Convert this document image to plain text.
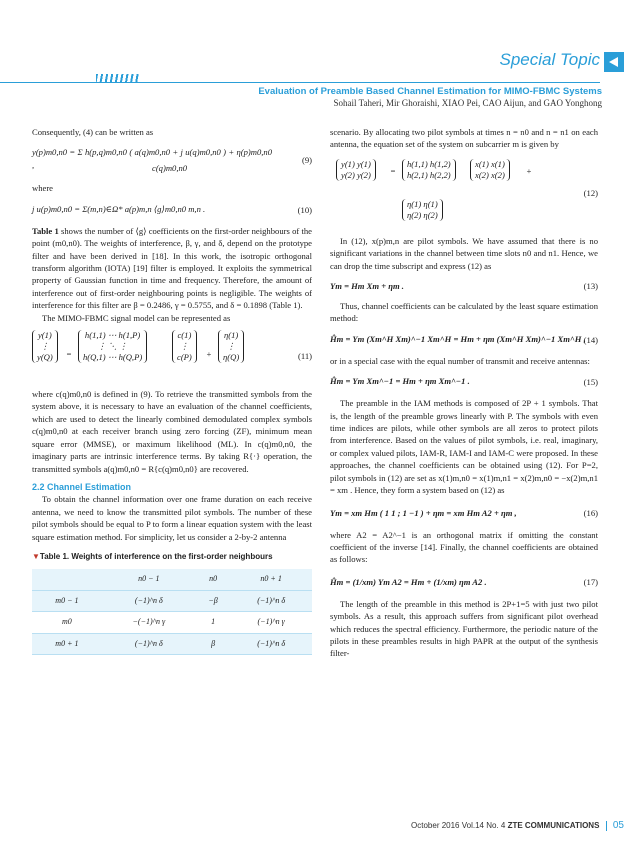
Special Topic
Evaluation of Preamble Based Channel Estimation for MIMO-FBMC Systems
Sohail Taheri, Mir Ghoraishi, XIAO Pei, CAO Aijun, and GAO Yonghong

Consequently, (4) can be written as

y(p)m0,n0 = Σ h(p,q)m0,n0 ( a(q)m0,n0 + j u(q)m0,n0 ) + η(p)m0,n0 ,	c(q)m0,n0
(9)

where

j u(p)m0,n0 = Σ(m,n)∈Ω* a(p)m,n ⟨g⟩m0,n0 m,n .	(10)

Table 1 shows the number of ⟨g⟩ coefficients on the first-order neighbours of the point (m0,n0). The weights of interference, β, γ, and δ, depend on the prototype filter and have been derived in [18]. In this work, the isotropic orthogonal transform algorithm (IOTA) [19] filter is employed. It exploits the symmetrical property of Gaussian function in time and frequency. Therefore, the amount of interference out of first-order neighbouring points is negligible. The weights of interference for this filter are β = 0.2486, γ = 0.5755, and δ = 0.1898 (Table 1).

The MIMO-FBMC signal model can be represented as

y(1)
⋮
y(Q)	=
h(1,1) ⋯ h(1,P)
⋮ ⋱ ⋮
h(Q,1) ⋯ h(Q,P)
c(1)
⋮
c(P)	+
η(1)
⋮
η(Q)	(11)

where c(q)m0,n0 is defined in (9). To retrieve the transmitted symbols from the system above, it is necessary to have an evaluation of the channel coefficients, which are used to detect the linearly combined demodulated complex symbols c(q)m0,n0 at each receiver branch using zero forcing (ZF), minimum mean square error (MMSE), or maximum likelihood (ML). In c(q)m0,n0, the imaginary parts are intrinsic interference terms. By taking R{·} operation, the transmitted symbols a(q)m0,n0 = R{c(q)m0,n0} are recovered.

2.2 Channel Estimation

To obtain the channel information over one frame duration on each receive antenna, we need to know the transmitted pilot symbols. The number of these pilot symbols should be equal to P to form a linear equation system with the least square estimation method. For simplicity, let us consider a 2-by-2 antenna

▼Table 1. Weights of interference on the first-order neighbours
	n0 − 1	n0	n0 + 1
m0 − 1	(−1)^n δ	−β	(−1)^n δ
m0	−(−1)^n γ	1	(−1)^n γ
m0 + 1	(−1)^n δ	β	(−1)^n δ

scenario. By allocating two pilot symbols at times n = n0 and n = n1 on each antenna, the equation set of the system on subcarrier m is given by

y(1) y(1)
y(2) y(2)	=
h(1,1) h(1,2)
h(2,1) h(2,2)
x(1) x(1)
x(2) x(2)	+
η(1) η(1)
η(2) η(2)
(12)

In (12), x(p)m,n are pilot symbols. We have assumed that there is no significant variations in the channel between time slots n0 and n1. Hence, we can drop the time subscript and express (12) as

Ym = Hm Xm + ηm .	(13)

Thus, channel coefficients can be calculated by the least square estimation method:

Ĥm = Ym (Xm^H Xm)^−1 Xm^H = Hm + ηm (Xm^H Xm)^−1 Xm^H ,
(14)

or in a special case with the equal number of transmit and receive antennas:

Ĥm = Ym Xm^−1 = Hm + ηm Xm^−1 .	(15)

The preamble in the IAM methods is composed of 2P + 1 symbols. That is, the length of the preamble grows linearly with P. The symbols with even time indices are pilots, while other symbols are all zeros to protect pilots from interference. Based on the values of pilot symbols, i.e. real, imaginary, or complex valued pilots, IAM-R, IAM-I and IAM-C were proposed. In these approaches, the channel coefficients can be obtained using (12). For P=2, pilot symbols in (12) are set as x(1)m,n0 = x(1)m,n1 = x(2)m,n0 = −x(2)m,n1 = xm . Hence, they form a system based on (12) as

Ym = xm Hm ( 1 1 ; 1 −1 ) + ηm = xm Hm A2 + ηm ,	(16)

where A2 = A2^−1 is an orthogonal matrix if omitting the constant coefficient of the inverse [14]. Finally, the channel coefficients are obtained as follows:

Ĥm = (1/xm) Ym A2 = Hm + (1/xm) ηm A2 .	(17)

The length of the preamble in this method is 2P+1=5 with just two pilot symbols. As a result, this approach suffers from significant pilot overhead which reduces the spectral efficiency. Furthermore, the periodic nature of the pilots in these preambles results in high PAPR at the output of the synthesis filter-

October 2016 Vol.14 No. 4 ZTE COMMUNICATIONS 05
